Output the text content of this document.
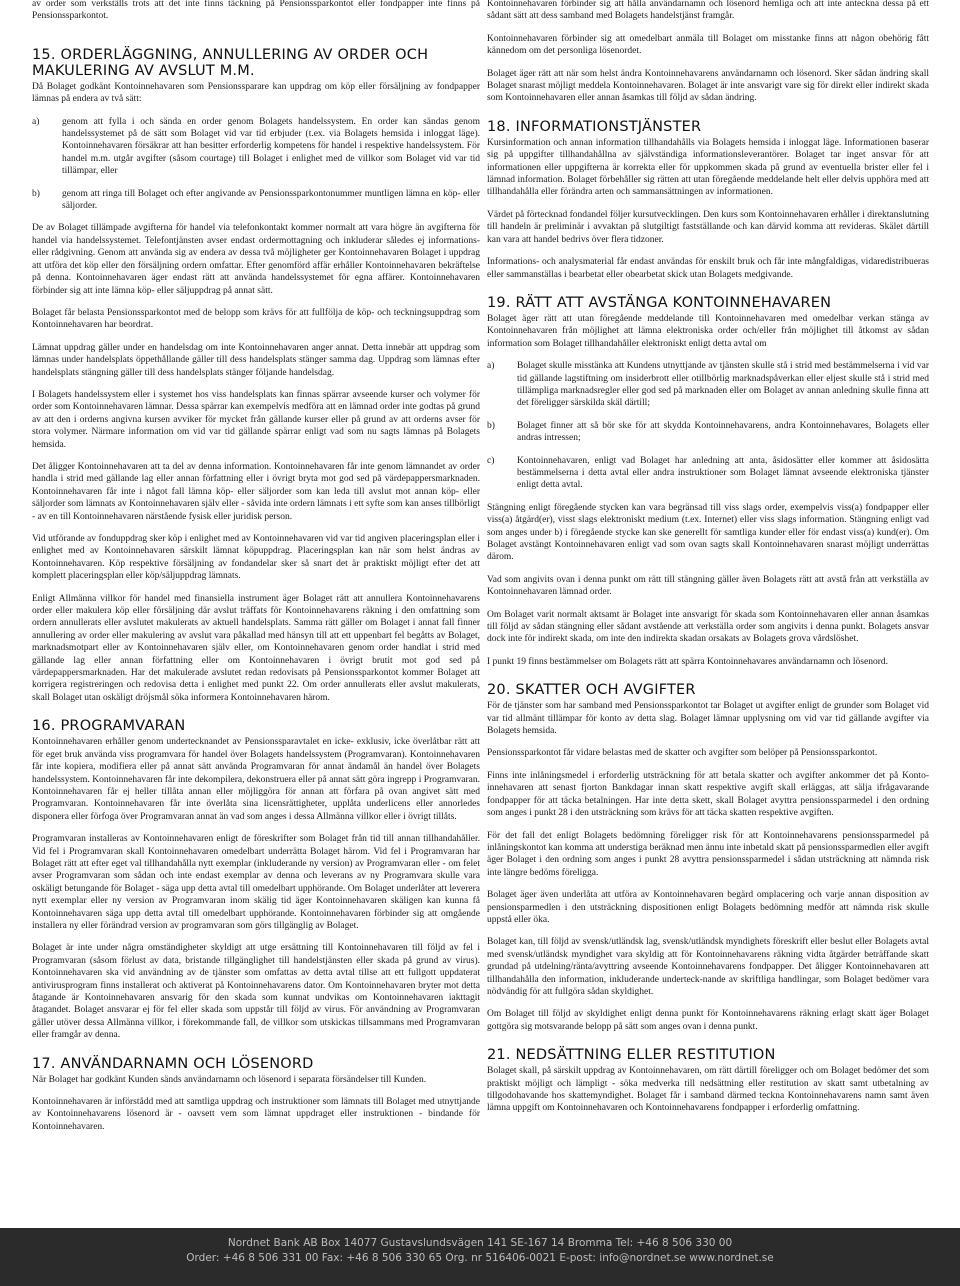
av order som verkställs trots att det inte finns täckning på Pensionssparkontot eller fondpapper inte finns på Pensionssparkontot.

15. ORDERLÄGGNING, ANNULLERING AV ORDER OCH
MAKULERING AV AVSLUT M.M.

Då Bolaget godkänt Kontoinnehavaren som Pensionssparare kan uppdrag om köp eller försäljning av fondpapper lämnas på endera av två sätt:

a)	genom att fylla i och sända en order genom Bolagets handelssystem. En order kan sändas genom handelssystemet på de sätt som Bolaget vid var tid erbjuder (t.ex. via Bolagets hemsida i inloggat läge). Kontoinnehavaren försäkrar att han besitter erforderlig kompetens för handel i respektive handelssystem. För handel m.m. utgår avgifter (såsom courtage) till Bolaget i enlighet med de villkor som Bolaget vid var tid tillämpar, eller

b)	genom att ringa till Bolaget och efter angivande av Pensionssparkontonummer muntligen lämna en köp- eller säljorder.

De av Bolaget tillämpade avgifterna för handel via telefonkontakt kommer normalt att vara högre än avgifterna för handel via handelssystemet. Telefontjänsten avser endast ordermottagning och inkluderar således ej informations- eller rådgivning. Genom att använda sig av endera av dessa två möjligheter ger Kontoinnehavaren Bolaget i uppdrag att utföra det köp eller den försäljning ordern omfattar. Efter genomförd affär erhåller Kontoinnehavaren bekräftelse på denna. Kontoinnehavaren äger endast rätt att använda handelssystemet för egna affärer. Kontoinnehavaren förbinder sig att inte lämna köp- eller säljuppdrag på annat sätt.

Bolaget får belasta Pensionssparkontot med de belopp som krävs för att fullfölja de köp- och teckningsuppdrag som Kontoinnehavaren har beordrat.

Lämnat uppdrag gäller under en handelsdag om inte Kontoinnehavaren anger annat. Detta innebär att uppdrag som lämnas under handelsplats öppethållande gäller till dess handelsplats stänger samma dag. Uppdrag som lämnas efter handelsplats stängning gäller till dess handelsplats stänger följande handelsdag.

I Bolagets handelssystem eller i systemet hos viss handelsplats kan finnas spärrar avseende kurser och volymer för order som Kontoinnehavaren lämnar. Dessa spärrar kan exempelvis medföra att en lämnad order inte godtas på grund av att den i orderns angivna kursen avviker för mycket från gällande kurser eller på grund av att orderns avser för stora volymer. Närmare information om vid var tid gällande spärrar enligt vad som nu sagts lämnas på Bolagets hemsida.

Det åligger Kontoinnehavaren att ta del av denna information. Kontoinnehavaren får inte genom lämnandet av order handla i strid med gällande lag eller annan författning eller i övrigt bryta mot god sed på värdepappersmarknaden. Kontoinnehavaren får inte i något fall lämna köp- eller säljorder som kan leda till avslut mot annan köp- eller säljorder som lämnats av Kontoinnehavaren själv eller - såvida inte ordern lämnats i ett syfte som kan anses tillbörligt - av en till Kontoinnehavaren närstående fysisk eller juridisk person.

Vid utförande av fonduppdrag sker köp i enlighet med av Kontoinnehavaren vid var tid angiven placeringsplan eller i enlighet med av Kontoinnehavaren särskilt lämnat köpuppdrag. Placeringsplan kan när som helst ändras av Kontoinnehavaren. Köp respektive försäljning av fondandelar sker så snart det är praktiskt möjligt efter det att komplett placeringsplan eller köp/säljuppdrag lämnats.

Enligt Allmänna villkor för handel med finansiella instrument äger Bolaget rätt att annullera Kontoinnehavarens order eller makulera köp eller försäljning där avslut träffats för Kontoinnehavarens räkning i den omfattning som ordern annullerats eller avslutet makulerats av aktuell handelsplats. Samma rätt gäller om Bolaget i annat fall finner annullering av order eller makulering av avslut vara påkallad med hänsyn till att ett uppenbart fel begåtts av Bolaget, marknadsmotpart eller av Kontoinnehavaren själv eller, om Kontoinnehavaren genom order handlat i strid med gällande lag eller annan författning eller om Kontoinnehavaren i övrigt brutit mot god sed på värdepappersmarknaden. Har det makulerade avslutet redan redovisats på Pensionssparkontot kommer Bolaget att korrigera registreringen och redovisa detta i enlighet med punkt 22. Om order annullerats eller avslut makulerats, skall Bolaget utan oskäligt dröjsmål söka informera Kontoinnehavaren härom.

16. PROGRAMVARAN

Kontoinnehavaren erhåller genom undertecknandet av Pensionssparavtalet en icke- exklusiv, icke överlåtbar rätt att för eget bruk använda viss programvara för handel över Bolagets handelssystem (Programvaran). Kontoinnehavaren får inte kopiera, modifiera eller på annat sätt använda Programvaran för annat ändamål än handel över Bolagets handelssystem. Kontoinnehavaren får inte dekompilera, dekonstruera eller på annat sätt göra ingrepp i Programvaran. Kontoinnehavaren får ej heller tillåta annan eller möjliggöra för annan att förfara på ovan angivet sätt med Programvaran. Kontoinnehavaren får inte överlåta sina licensrättigheter, upplåta underlicens eller annorledes disponera eller förfoga över Programvaran annat än vad som anges i dessa Allmänna villkor eller i övrigt tillåts.

Programvaran installeras av Kontoinnehavaren enligt de föreskrifter som Bolaget från tid till annan tillhandahåller. Vid fel i Programvaran skall Kontoinnehavaren omedelbart underrätta Bolaget härom. Vid fel i Programvaran har Bolaget rätt att efter eget val tillhandahålla nytt exemplar (inkluderande ny version) av Programvaran eller - om felet avser Programvaran som sådan och inte endast exemplar av denna och leverans av ny Programvara skulle vara oskäligt betungande för Bolaget - säga upp detta avtal till omedelbart upphörande. Om Bolaget underlåter att leverera nytt exemplar eller ny version av Programvaran inom skälig tid äger Kontoinnehavaren skäligen kan kunna få Kontoinnehavaren säga upp detta avtal till omedelbart upphörande. Kontoinnehavaren förbinder sig att omgående installera ny eller förändrad version av programvaran som görs tillgänglig av Bolaget.

Bolaget är inte under några omständigheter skyldigt att utge ersättning till Kontoinnehavaren till följd av fel i Programvaran (såsom förlust av data, bristande tillgänglighet till handelstjänsten eller skada på grund av virus). Kontoinnehavaren ska vid användning av de tjänster som omfattas av detta avtal tillse att ett fullgott uppdaterat antivirusprogram finns installerat och aktiverat på Kontoinnehavarens dator. Om Kontoinnehavaren bryter mot detta åtagande är Kontoinnehavaren ansvarig för den skada som kunnat undvikas om Kontoinnehavaren iakttagit åtagandet. Bolaget ansvarar ej för fel eller skada som uppstår till följd av virus. För användning av Programvaran gäller utöver dessa Allmänna villkor, i förekommande fall, de villkor som utskickas tillsammans med Programvaran eller framgår av denna.

17. ANVÄNDARNAMN OCH LÖSENORD

När Bolaget har godkänt Kunden sänds användarnamn och lösenord i separata försändelser till Kunden.

Kontoinnehavaren är införstådd med att samtliga uppdrag och instruktioner som lämnats till Bolaget med utnyttjande av Kontoinnehavarens lösenord är - oavsett vem som lämnat uppdraget eller instruktionen - bindande för Kontoinnehavaren.

Kontoinnehavaren förbinder sig att hålla användarnamn och lösenord hemliga och att inte anteckna dessa på ett sådant sätt att dess samband med Bolagets handelstjänst framgår.

Kontoinnehavaren förbinder sig att omedelbart anmäla till Bolaget om misstanke finns att någon obehörig fått kännedom om det personliga lösenordet.

Bolaget äger rätt att när som helst ändra Kontoinnehavarens användarnamn och lösenord. Sker sådan ändring skall Bolaget snarast möjligt meddela Kontoinnehavaren. Bolaget är inte ansvarigt vare sig för direkt eller indirekt skada som Kontoinnehavaren eller annan åsamkas till följd av sådan ändring.

18. INFORMATIONSTJÄNSTER

Kursinformation och annan information tillhandahålls via Bolagets hemsida i inloggat läge. Informationen baserar sig på uppgifter tillhandahållna av självständiga informationsleverantörer. Bolaget tar inget ansvar för att informationen eller uppgifterna är korrekta eller för uppkommen skada på grund av eventuella brister eller fel i lämnad information. Bolaget förbehåller sig rätten att utan föregående meddelande helt eller delvis upphöra med att tillhandahålla eller förändra arten och sammansättningen av informationen.

Värdet på förtecknad fondandel följer kursutvecklingen. Den kurs som Kontoinnehavaren erhåller i direktanslutning till handeln är preliminär i avvaktan på slutgiltigt fastställande och kan därvid komma att revideras. Skälet därtill kan vara att handel bedrivs över flera tidzoner.

Informations- och analysmaterial får endast användas för enskilt bruk och får inte mångfaldigas, vidaredistribueras eller sammanställas i bearbetat eller obearbetat skick utan Bolagets medgivande.

19. RÄTT ATT AVSTÄNGA KONTOINNEHAVAREN

Bolaget äger rätt att utan föregående meddelande till Kontoinnehavaren med omedelbar verkan stänga av Kontoinnehavaren från möjlighet att lämna elektroniska order och/eller från möjlighet till åtkomst av sådan information som Bolaget tillhandahåller elektroniskt enligt detta avtal om

a)	Bolaget skulle misstänka att Kundens utnyttjande av tjänsten skulle stå i strid med bestämmelserna i vid var tid gällande lagstiftning om insiderbrott eller otillbörlig marknadspåverkan eller eljest skulle stå i strid med tillämpliga marknadsregler eller god sed på marknaden eller om Bolaget av annan anledning skulle finna att det föreligger särskilda skäl därtill;

b)	Bolaget finner att så bör ske för att skydda Kontoinnehavarens, andra Kontoinnehavares, Bolagets eller andras intressen;

c)	Kontoinnehavaren, enligt vad Bolaget har anledning att anta, åsidosätter eller kommer att åsidosätta bestämmelserna i detta avtal eller andra instruktioner som Bolaget lämnat avseende elektroniska tjänster enligt detta avtal.

Stängning enligt föregående stycken kan vara begränsad till viss slags order, exempelvis viss(a) fondpapper eller viss(a) åtgärd(er), visst slags elektroniskt medium (t.ex. Internet) eller viss slags information. Stängning enligt vad som anges under b) i föregående stycke kan ske generellt för samtliga kunder eller för endast viss(a) kund(er). Om Bolaget avstängt Kontoinnehavaren enligt vad som ovan sagts skall Kontoinnehavaren snarast möjligt underrättas därom.

Vad som angivits ovan i denna punkt om rätt till stängning gäller även Bolagets rätt att avstå från att verkställa av Kontoinnehavaren lämnad order.

Om Bolaget varit normalt aktsamt är Bolaget inte ansvarigt för skada som Kontoinnehavaren eller annan åsamkas till följd av sådan stängning eller sådant avstående att verkställa order som angivits i denna punkt. Bolagets ansvar dock inte för indirekt skada, om inte den indirekta skadan orsakats av Bolagets grova vårdslöshet.

I punkt 19 finns bestämmelser om Bolagets rätt att spärra Kontoinnehavares användarnamn och lösenord.

20. SKATTER OCH AVGIFTER

För de tjänster som har samband med Pensionssparkontot tar Bolaget ut avgifter enligt de grunder som Bolaget vid var tid allmänt tillämpar för konto av detta slag. Bolaget lämnar upplysning om vid var tid gällande avgifter via Bolagets hemsida.

Pensionssparkontot får vidare belastas med de skatter och avgifter som belöper på Pensionssparkontot.

Finns inte inlåningsmedel i erforderlig utsträckning för att betala skatter och avgifter ankommer det på Konto-innehavaren att senast fjorton Bankdagar innan skatt respektive avgift skall erläggas, att sälja ifrågavarande fondpapper för att täcka betalningen. Har inte detta skett, skall Bolaget avyttra pensionssparmedel i den ordning som anges i punkt 28 i den utsträckning som krävs för att täcka skatten respektive avgiften.

För det fall det enligt Bolagets bedömning föreligger risk för att Kontoinnehavarens pensionssparmedel på inlåningskontot kan komma att understiga beräknad men ännu inte inbetald skatt på pensionssparmedlen eller avgift äger Bolaget i den ordning som anges i punkt 28 avyttra pensionssparmedel i sådan utsträckning att nämnda risk inte längre bedöms föreligga.

Bolaget äger även underlåta att utföra av Kontoinnehavaren begärd omplacering och varje annan disposition av pensionsparmedlen i den utsträckning dispositionen enligt Bolagets bedömning medför att nämnda risk skulle uppstå eller öka.

Bolaget kan, till följd av svensk/utländsk lag, svensk/utländsk myndighets föreskrift eller beslut eller Bolagets avtal med svensk/utländsk myndighet vara skyldig att för Kontoinnehavarens räkning vidta åtgärder beträffande skatt grundad på utdelning/ränta/avyttring avseende Kontoinnehavarens fondpapper. Det åligger Kontoinnehavaren att tillhandahålla den information, inkluderande underteck-nande av skriftliga handlingar, som Bolaget bedömer vara nödvändig för att fullgöra sådan skyldighet.

Om Bolaget till följd av skyldighet enligt denna punkt för Kontoinnehavarens räkning erlagt skatt äger Bolaget gottgöra sig motsvarande belopp på sätt som anges ovan i denna punkt.

21. NEDSÄTTNING ELLER RESTITUTION

Bolaget skall, på särskilt uppdrag av Kontoinnehavaren, om rätt därtill föreligger och om Bolaget bedömer det som praktiskt möjligt och lämpligt - söka medverka till nedsättning eller restitution av skatt samt utbetalning av tillgodohavande hos skattemyndighet. Bolaget får i samband därmed teckna Kontoinnehavarens namn samt även lämna uppgift om Kontoinnehavaren och Kontoinnehavarens fondpapper i erforderlig omfattning.

Nordnet Bank AB Box 14077 Gustavslundsvägen 141 SE-167 14 Bromma Tel: +46 8 506 330 00
Order: +46 8 506 331 00 Fax: +46 8 506 330 65 Org. nr 516406-0021 E-post: info@nordnet.se www.nordnet.se
